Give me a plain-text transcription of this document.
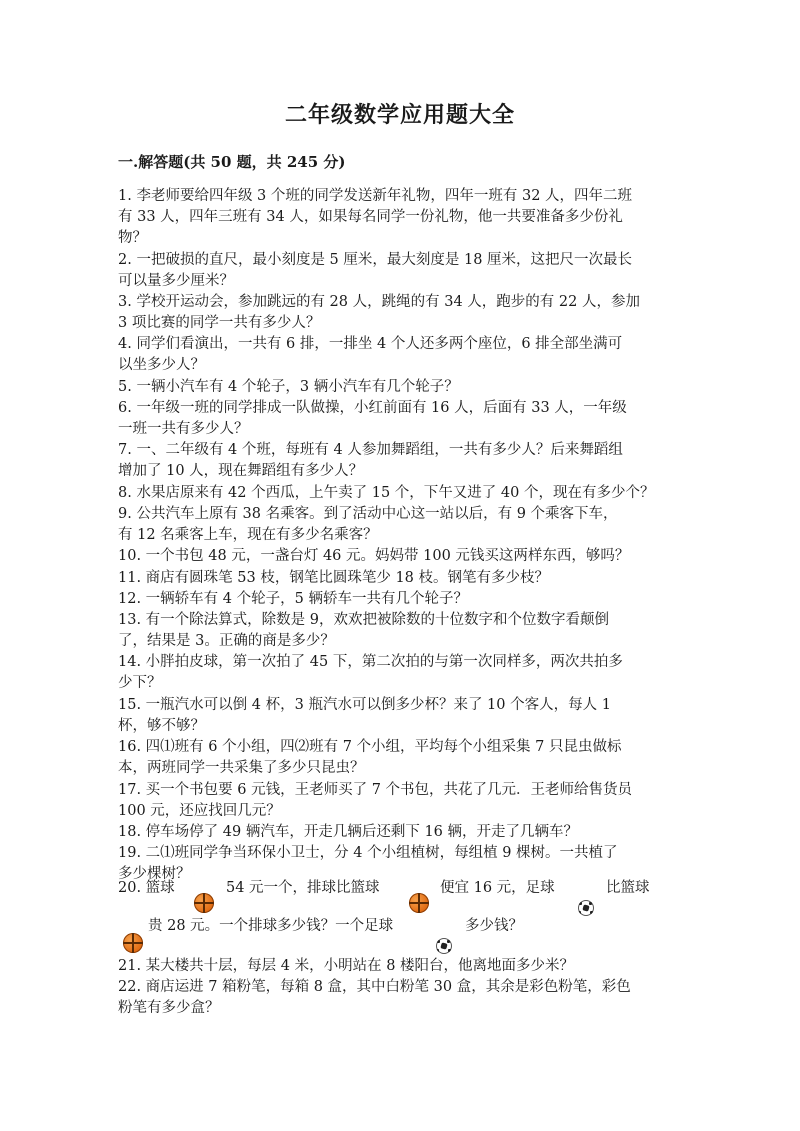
二年级数学应用题大全
一.解答题(共 50 题，共 245 分)
1. 李老师要给四年级 3 个班的同学发送新年礼物，四年一班有 32 人，四年二班
有 33 人，四年三班有 34 人，如果每名同学一份礼物，他一共要准备多少份礼
物？
2. 一把破损的直尺，最小刻度是 5 厘米，最大刻度是 18 厘米，这把尺一次最长
可以量多少厘米？
3. 学校开运动会，参加跳远的有 28 人，跳绳的有 34 人，跑步的有 22 人，参加
3 项比赛的同学一共有多少人？
4. 同学们看演出，一共有 6 排，一排坐 4 个人还多两个座位，6 排全部坐满可
以坐多少人？
5. 一辆小汽车有 4 个轮子，3 辆小汽车有几个轮子？
6. 一年级一班的同学排成一队做操，小红前面有 16 人，后面有 33 人，一年级
一班一共有多少人？
7. 一、二年级有 4 个班，每班有 4 人参加舞蹈组，一共有多少人？后来舞蹈组
增加了 10 人，现在舞蹈组有多少人？
8. 水果店原来有 42 个西瓜，上午卖了 15 个，下午又进了 40 个，现在有多少个？
9. 公共汽车上原有 38 名乘客。到了活动中心这一站以后，有 9 个乘客下车，
有 12 名乘客上车，现在有多少名乘客？
10. 一个书包 48 元，一盏台灯 46 元。妈妈带 100 元钱买这两样东西，够吗？
11. 商店有圆珠笔 53 枝，钢笔比圆珠笔少 18 枝。钢笔有多少枝？
12. 一辆轿车有 4 个轮子，5 辆轿车一共有几个轮子？
13. 有一个除法算式，除数是 9，欢欢把被除数的十位数字和个位数字看颠倒
了，结果是 3。正确的商是多少？
14. 小胖拍皮球，第一次拍了 45 下，第二次拍的与第一次同样多，两次共拍多
少下？
15. 一瓶汽水可以倒 4 杯，3 瓶汽水可以倒多少杯？来了 10 个客人，每人 1
杯，够不够？
16. 四⑴班有 6 个小组，四⑵班有 7 个小组，平均每个小组采集 7 只昆虫做标
本，两班同学一共采集了多少只昆虫？
17. 买一个书包要 6 元钱，王老师买了 7 个书包，共花了几元．王老师给售货员
100 元，还应找回几元？
18. 停车场停了 49 辆汽车，开走几辆后还剩下 16 辆，开走了几辆车？
19. 二⑴班同学争当环保小卫士，分 4 个小组植树，每组植 9 棵树。一共植了
多少棵树？
20. 篮球	54 元一个，排球比篮球	便宜 16 元，足球	比篮球
贵 28 元。一个排球多少钱？一个足球	多少钱？
21. 某大楼共十层，每层 4 米，小明站在 8 楼阳台，他离地面多少米？
22. 商店运进 7 箱粉笔，每箱 8 盒，其中白粉笔 30 盒，其余是彩色粉笔，彩色
粉笔有多少盒？
